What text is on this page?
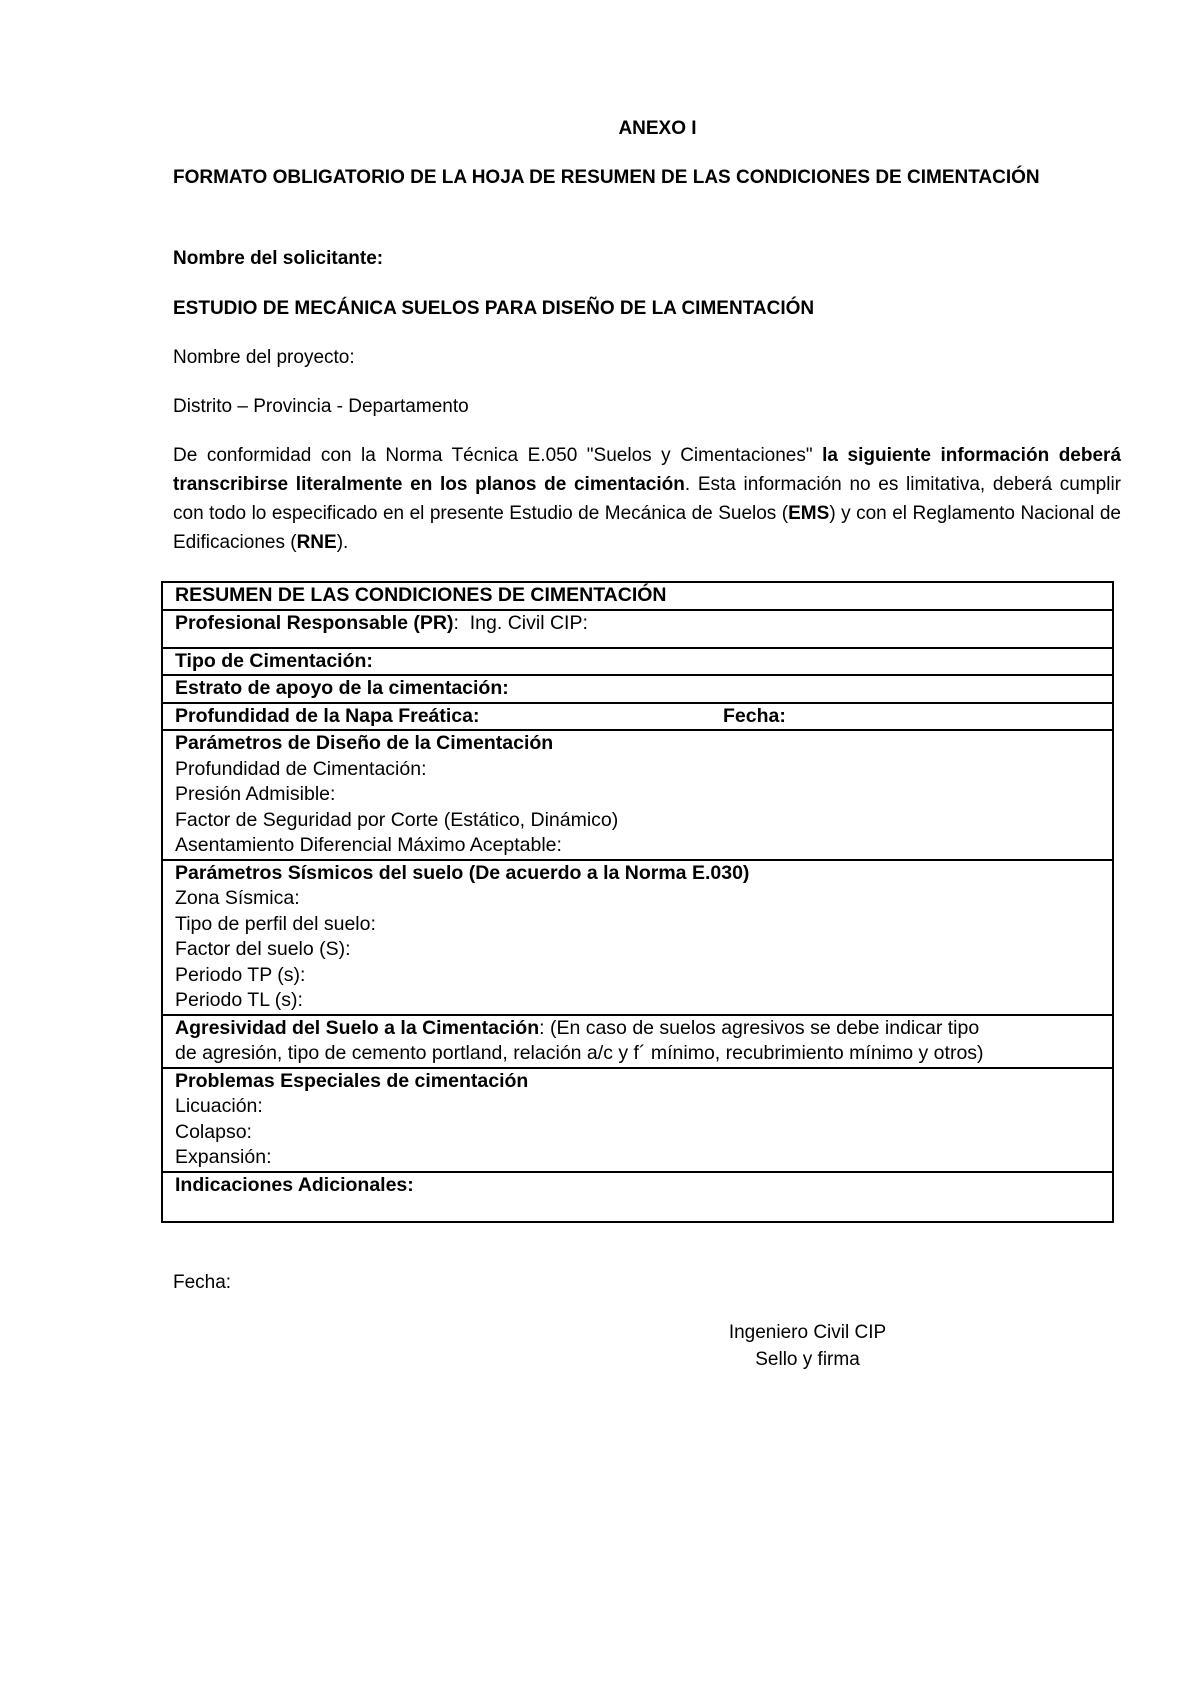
ANEXO I
FORMATO OBLIGATORIO DE LA HOJA DE RESUMEN DE LAS CONDICIONES DE CIMENTACIÓN
Nombre del solicitante:
ESTUDIO DE MECÁNICA SUELOS PARA DISEÑO DE LA CIMENTACIÓN
Nombre del proyecto:
Distrito – Provincia - Departamento
De conformidad con la Norma Técnica E.050 "Suelos y Cimentaciones" la siguiente información deberá transcribirse literalmente en los planos de cimentación. Esta información no es limitativa, deberá cumplir con todo lo especificado en el presente Estudio de Mecánica de Suelos (EMS) y con el Reglamento Nacional de Edificaciones (RNE).
RESUMEN DE LAS CONDICIONES DE CIMENTACIÓN
Profesional Responsable (PR): Ing. Civil CIP:
Tipo de Cimentación:
Estrato de apoyo de la cimentación:
Profundidad de la Napa Freática:	Fecha:

Parámetros de Diseño de la Cimentación
Profundidad de Cimentación:
Presión Admisible:
Factor de Seguridad por Corte (Estático, Dinámico)
Asentamiento Diferencial Máximo Aceptable:

Parámetros Sísmicos del suelo (De acuerdo a la Norma E.030)
Zona Sísmica:
Tipo de perfil del suelo:
Factor del suelo (S):
Periodo TP (s):
Periodo TL (s):

Agresividad del Suelo a la Cimentación: (En caso de suelos agresivos se debe indicar tipo
de agresión, tipo de cemento portland, relación a/c y f´ mínimo, recubrimiento mínimo y otros)

Problemas Especiales de cimentación
Licuación:
Colapso:
Expansión:

Indicaciones Adicionales:
Fecha:
Ingeniero Civil CIP
Sello y firma
